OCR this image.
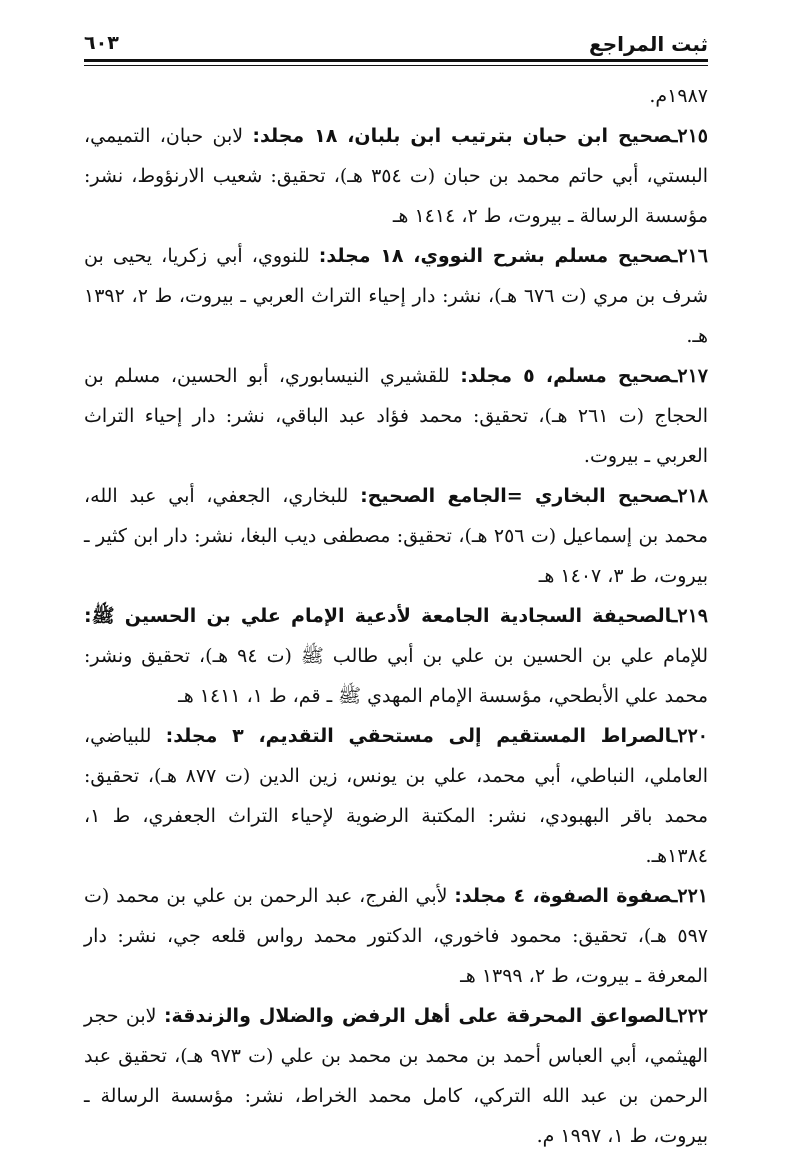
ثبت المراجع
٦٠٣

١٩٨٧م.

٢١٥ـصحيح ابن حبان بترتيب ابن بلبان، ١٨ مجلد: لابن حبان، التميمي، البستي، أبي حاتم محمد بن حبان (ت ٣٥٤ هـ)، تحقيق: شعيب الارنؤوط، نشر: مؤسسة الرسالة ـ بيروت، ط ٢، ١٤١٤ هـ

٢١٦ـصحيح مسلم بشرح النووي، ١٨ مجلد: للنووي، أبي زكريا، يحيى بن شرف بن مري (ت ٦٧٦ هـ)، نشر: دار إحياء التراث العربي ـ بيروت، ط ٢، ١٣٩٢ هـ.

٢١٧ـصحيح مسلم، ٥ مجلد: للقشيري النيسابوري، أبو الحسين، مسلم بن الحجاج (ت ٢٦١ هـ)، تحقيق: محمد فؤاد عبد الباقي، نشر: دار إحياء التراث العربي ـ بيروت.

٢١٨ـصحيح البخاري =الجامع الصحيح: للبخاري، الجعفي، أبي عبد الله، محمد بن إسماعيل (ت ٢٥٦ هـ)، تحقيق: مصطفى ديب البغا، نشر: دار ابن كثير ـ بيروت، ط ٣، ١٤٠٧ هـ

٢١٩ـالصحيفة السجادية الجامعة لأدعية الإمام علي بن الحسين ﷺ: للإمام علي بن الحسين بن علي بن أبي طالب ﷺ (ت ٩٤ هـ)، تحقيق ونشر: محمد علي الأبطحي، مؤسسة الإمام المهدي ﷺ ـ قم، ط ١، ١٤١١ هـ

٢٢٠ـالصراط المستقيم إلى مستحقي التقديم، ٣ مجلد: للبياضي، العاملي، النباطي، أبي محمد، علي بن يونس، زين الدين (ت ٨٧٧ هـ)، تحقيق: محمد باقر البهبودي، نشر: المكتبة الرضوية لإحياء التراث الجعفري، ط ١، ١٣٨٤هـ.

٢٢١ـصفوة الصفوة، ٤ مجلد: لأبي الفرج، عبد الرحمن بن علي بن محمد (ت ٥٩٧ هـ)، تحقيق: محمود فاخوري، الدكتور محمد رواس قلعه جي، نشر: دار المعرفة ـ بيروت، ط ٢، ١٣٩٩ هـ

٢٢٢ـالصواعق المحرقة على أهل الرفض والضلال والزندقة: لابن حجر الهيثمي، أبي العباس أحمد بن محمد بن محمد بن علي (ت ٩٧٣ هـ)، تحقيق عبد الرحمن بن عبد الله التركي، كامل محمد الخراط، نشر: مؤسسة الرسالة ـ بيروت، ط ١، ١٩٩٧ م.
